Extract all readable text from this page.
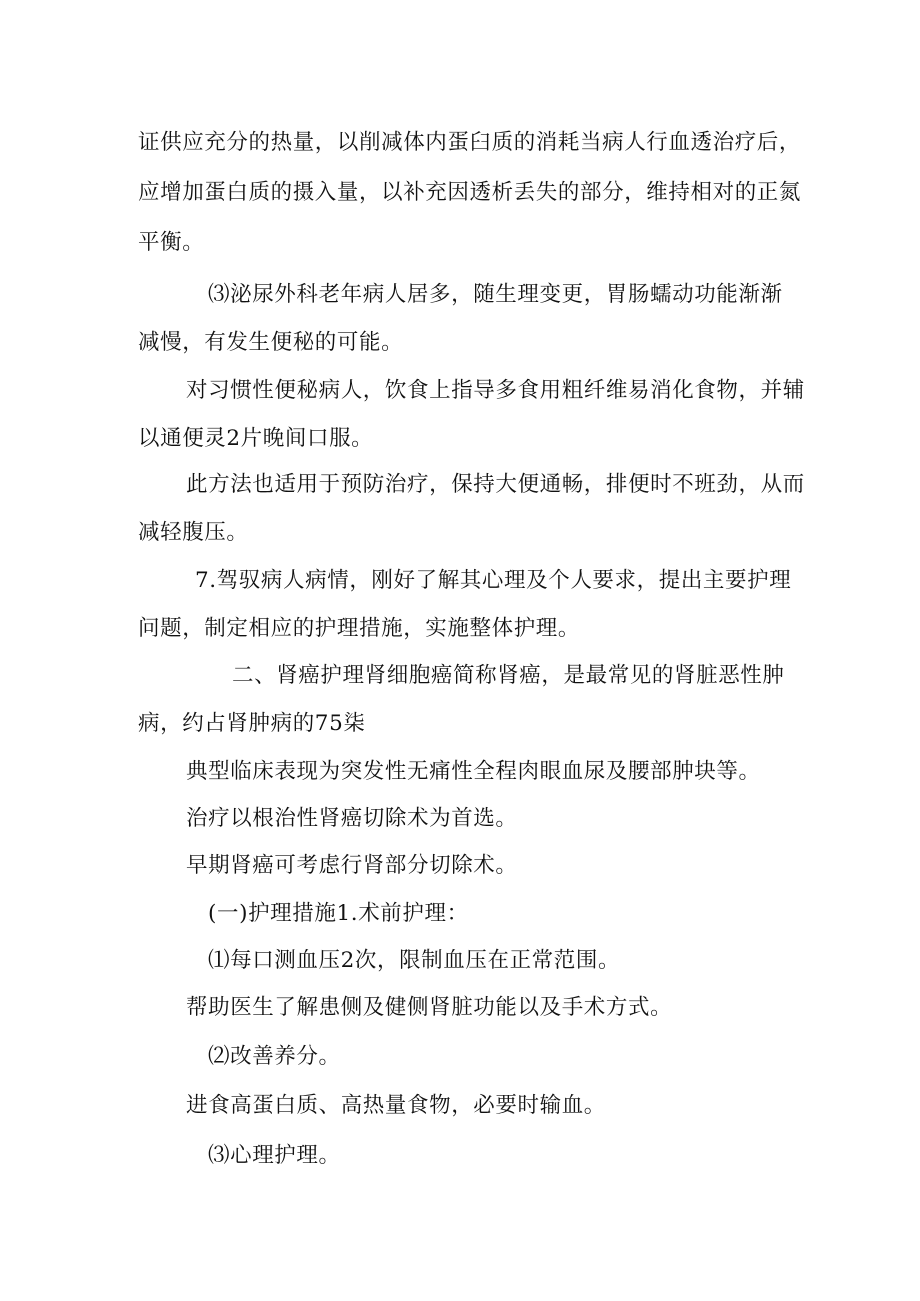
证供应充分的热量，以削减体内蛋臼质的消耗当病人行血透治疗后，
应增加蛋白质的摄入量，以补充因透析丢失的部分，维持相对的正氮
平衡。
⑶泌尿外科老年病人居多，随生理变更，胃肠蠕动功能渐渐
减慢，有发生便秘的可能。
对习惯性便秘病人，饮食上指导多食用粗纤维易消化食物，并辅
以通便灵2片晚间口服。
此方法也适用于预防治疗，保持大便通畅，排便时不班劲，从而
减轻腹压。
7.驾驭病人病情，刚好了解其心理及个人要求，提出主要护理
问题，制定相应的护理措施，实施整体护理。
二、肾癌护理肾细胞癌简称肾癌，是最常见的肾脏恶性肿
病，约占肾肿病的75柒
典型临床表现为突发性无痛性全程肉眼血尿及腰部肿块等。
治疗以根治性肾癌切除术为首选。
早期肾癌可考虑行肾部分切除术。
(一)护理措施1.术前护理：
⑴每口测血压2次，限制血压在正常范围。
帮助医生了解患侧及健侧肾脏功能以及手术方式。
⑵改善养分。
进食高蛋白质、高热量食物，必要时输血。
⑶心理护理。
